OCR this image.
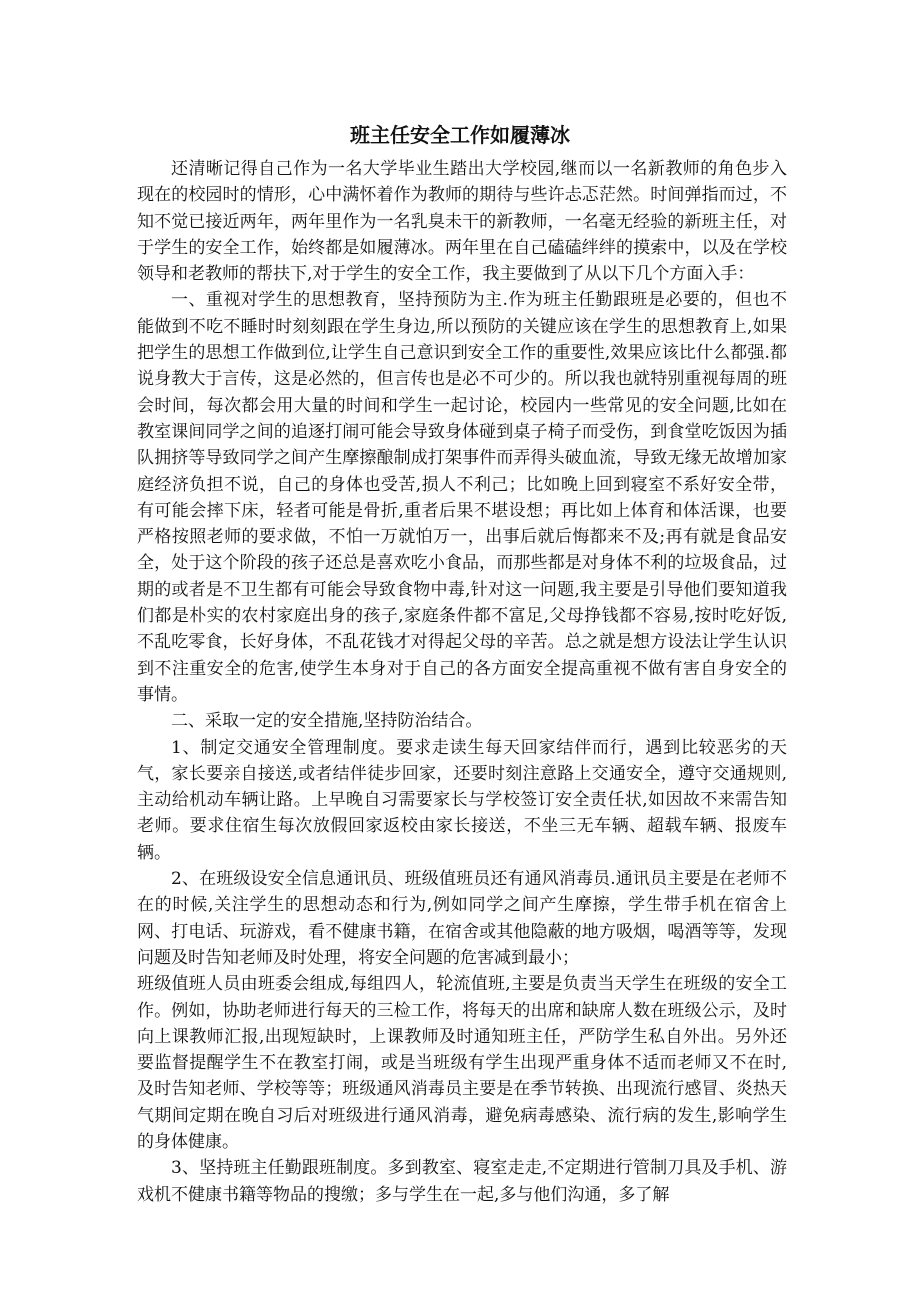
班主任安全工作如履薄冰

还清晰记得自己作为一名大学毕业生踏出大学校园,继而以一名新教师的角色步入现在的校园时的情形，心中满怀着作为教师的期待与些许忐忑茫然。时间弹指而过，不知不觉已接近两年，两年里作为一名乳臭未干的新教师，一名毫无经验的新班主任，对于学生的安全工作，始终都是如履薄冰。两年里在自己磕磕绊绊的摸索中，以及在学校领导和老教师的帮扶下,对于学生的安全工作，我主要做到了从以下几个方面入手：

一、重视对学生的思想教育，坚持预防为主.作为班主任勤跟班是必要的，但也不能做到不吃不睡时时刻刻跟在学生身边,所以预防的关键应该在学生的思想教育上,如果把学生的思想工作做到位,让学生自己意识到安全工作的重要性,效果应该比什么都强.都说身教大于言传，这是必然的，但言传也是必不可少的。所以我也就特别重视每周的班会时间，每次都会用大量的时间和学生一起讨论，校园内一些常见的安全问题,比如在教室课间同学之间的追逐打闹可能会导致身体碰到桌子椅子而受伤，到食堂吃饭因为插队拥挤等导致同学之间产生摩擦酿制成打架事件而弄得头破血流，导致无缘无故增加家庭经济负担不说，自己的身体也受苦,损人不利己；比如晚上回到寝室不系好安全带，有可能会摔下床，轻者可能是骨折,重者后果不堪设想；再比如上体育和体活课，也要严格按照老师的要求做，不怕一万就怕万一，出事后就后悔都来不及;再有就是食品安全，处于这个阶段的孩子还总是喜欢吃小食品，而那些都是对身体不利的垃圾食品，过期的或者是不卫生都有可能会导致食物中毒,针对这一问题,我主要是引导他们要知道我们都是朴实的农村家庭出身的孩子,家庭条件都不富足,父母挣钱都不容易,按时吃好饭,不乱吃零食，长好身体，不乱花钱才对得起父母的辛苦。总之就是想方设法让学生认识到不注重安全的危害,使学生本身对于自己的各方面安全提高重视不做有害自身安全的事情。

二、采取一定的安全措施,坚持防治结合。

1、制定交通安全管理制度。要求走读生每天回家结伴而行，遇到比较恶劣的天气，家长要亲自接送,或者结伴徒步回家，还要时刻注意路上交通安全，遵守交通规则,主动给机动车辆让路。上早晚自习需要家长与学校签订安全责任状,如因故不来需告知老师。要求住宿生每次放假回家返校由家长接送，不坐三无车辆、超载车辆、报废车辆。

2、在班级设安全信息通讯员、班级值班员还有通风消毒员.通讯员主要是在老师不在的时候,关注学生的思想动态和行为,例如同学之间产生摩擦，学生带手机在宿舍上网、打电话、玩游戏，看不健康书籍，在宿舍或其他隐蔽的地方吸烟，喝酒等等，发现问题及时告知老师及时处理，将安全问题的危害减到最小；

班级值班人员由班委会组成,每组四人，轮流值班,主要是负责当天学生在班级的安全工作。例如，协助老师进行每天的三检工作，将每天的出席和缺席人数在班级公示，及时向上课教师汇报,出现短缺时，上课教师及时通知班主任，严防学生私自外出。另外还要监督提醒学生不在教室打闹，或是当班级有学生出现严重身体不适而老师又不在时,及时告知老师、学校等等；班级通风消毒员主要是在季节转换、出现流行感冒、炎热天气期间定期在晚自习后对班级进行通风消毒，避免病毒感染、流行病的发生,影响学生的身体健康。

3、坚持班主任勤跟班制度。多到教室、寝室走走,不定期进行管制刀具及手机、游戏机不健康书籍等物品的搜缴；多与学生在一起,多与他们沟通，多了解
